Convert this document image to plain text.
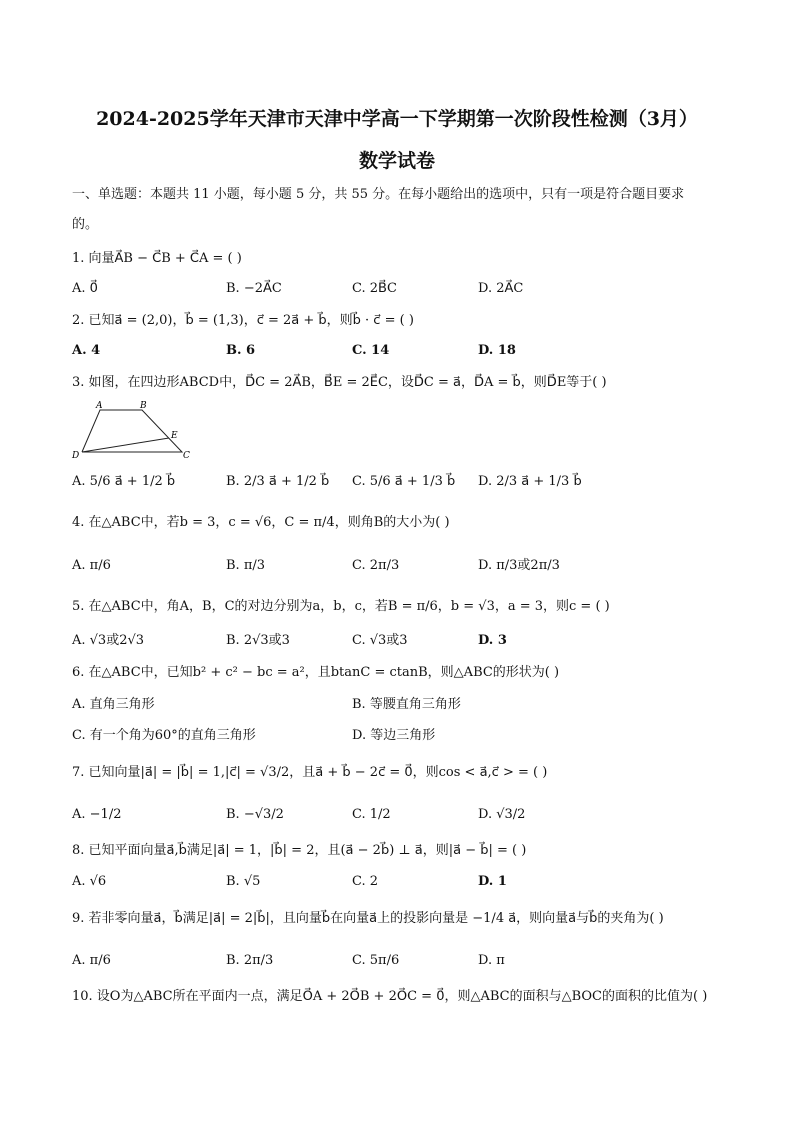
2024-2025学年天津市天津中学高一下学期第一次阶段性检测（3月）
数学试卷
一、单选题：本题共 11 小题，每小题 5 分，共 55 分。在每小题给出的选项中，只有一项是符合题目要求
的。
1. 向量A⃗B − C⃗B + C⃗A = ( )
A. 0⃗	B. −2A⃗C	C. 2B⃗C	D. 2A⃗C
2. 已知a⃗ = (2,0)，b⃗ = (1,3)，c⃗ = 2a⃗ + b⃗，则b⃗ · c⃗ = ( )
A. 4	B. 6	C. 14	D. 18
3. 如图，在四边形ABCD中，D⃗C = 2A⃗B，B⃗E = 2E⃗C，设D⃗C = a⃗，D⃗A = b⃗，则D⃗E等于( )
A	B
E
D	C
A. 5/6 a⃗ + 1/2 b⃗	B. 2/3 a⃗ + 1/2 b⃗ C. 5/6 a⃗ + 1/3 b⃗ D. 2/3 a⃗ + 1/3 b⃗
4. 在△ABC中，若b = 3，c = √6，C = π/4，则角B的大小为( )
A. π/6	B. π/3	C. 2π/3	D. π/3或2π/3
5. 在△ABC中，角A，B，C的对边分别为a，b，c，若B = π/6，b = √3，a = 3，则c = ( )
A. √3或2√3	B. 2√3或3	C. √3或3	D. 3
6. 在△ABC中，已知b² + c² − bc = a²，且btanC = ctanB，则△ABC的形状为( )
A. 直角三角形	B. 等腰直角三角形
C. 有一个角为60°的直角三角形	D. 等边三角形
7. 已知向量|a⃗| = |b⃗| = 1,|c⃗| = √3/2，且a⃗ + b⃗ − 2c⃗ = 0⃗，则cos < a⃗,c⃗ > = ( )
A. −1/2	B. −√3/2	C. 1/2	D. √3/2
8. 已知平面向量a⃗,b⃗满足|a⃗| = 1，|b⃗| = 2，且(a⃗ − 2b⃗) ⊥ a⃗，则|a⃗ − b⃗| = ( )
A. √6	B. √5	C. 2	D. 1
9. 若非零向量a⃗，b⃗满足|a⃗| = 2|b⃗|，且向量b⃗在向量a⃗上的投影向量是 −1/4 a⃗，则向量a⃗与b⃗的夹角为( )
A. π/6	B. 2π/3	C. 5π/6	D. π
10. 设O为△ABC所在平面内一点，满足O⃗A + 2O⃗B + 2O⃗C = 0⃗，则△ABC的面积与△BOC的面积的比值为( )
